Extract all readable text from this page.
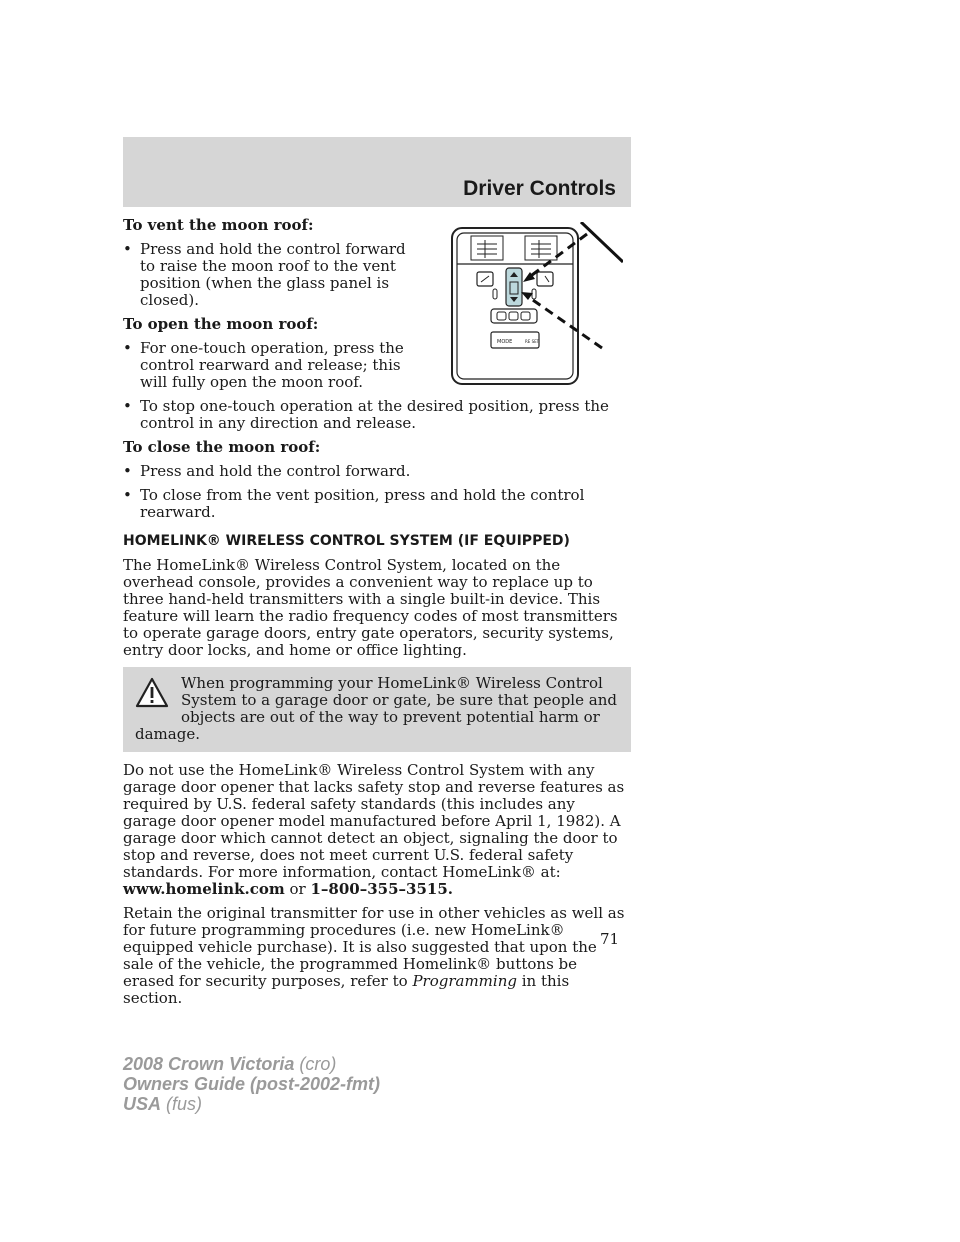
Driver Controls
MODE	RE SET
To vent the moon roof:
• Press and hold the control forward to raise the moon roof to the vent position (when the glass panel is closed).
To open the moon roof:
• For one-touch operation, press the control rearward and release; this will fully open the moon roof.
• To stop one-touch operation at the desired position, press the control in any direction and release.
To close the moon roof:
• Press and hold the control forward.
• To close from the vent position, press and hold the control rearward.
HOMELINK® WIRELESS CONTROL SYSTEM (IF EQUIPPED)

The HomeLink® Wireless Control System, located on the overhead console, provides a convenient way to replace up to three hand-held transmitters with a single built-in device. This feature will learn the radio frequency codes of most transmitters to operate garage doors, entry gate operators, security systems, entry door locks, and home or office lighting.

When programming your HomeLink® Wireless Control System to a garage door or gate, be sure that people and objects are out of the way to prevent potential harm or damage.

Do not use the HomeLink® Wireless Control System with any garage door opener that lacks safety stop and reverse features as required by U.S. federal safety standards (this includes any garage door opener model manufactured before April 1, 1982). A garage door which cannot detect an object, signaling the door to stop and reverse, does not meet current U.S. federal safety standards. For more information, contact HomeLink® at: www.homelink.com or 1–800–355–3515.

Retain the original transmitter for use in other vehicles as well as for future programming procedures (i.e. new HomeLink® equipped vehicle purchase). It is also suggested that upon the sale of the vehicle, the programmed Homelink® buttons be erased for security purposes, refer to Programming in this section.

71
2008 Crown Victoria (cro)
Owners Guide (post-2002-fmt)
USA (fus)
